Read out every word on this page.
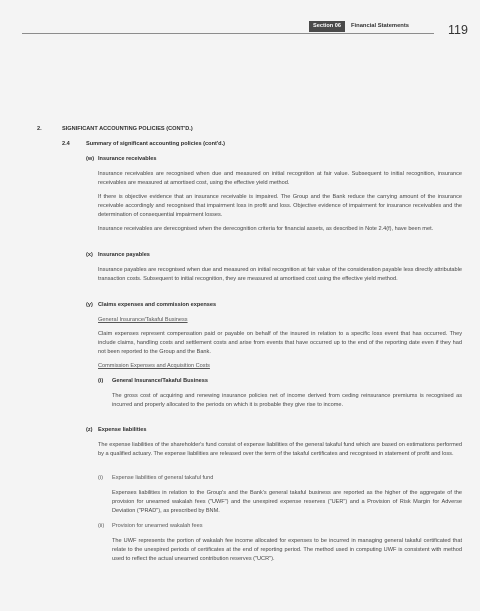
Section 06	Financial Statements	119
2.	SIGNIFICANT ACCOUNTING POLICIES (CONT'D.)
2.4	Summary of significant accounting policies (cont'd.)
(w) Insurance receivables

Insurance receivables are recognised when due and measured on initial recognition at fair value. Subsequent to initial recognition, insurance receivables are measured at amortised cost, using the effective yield method.

If there is objective evidence that an insurance receivable is impaired. The Group and the Bank reduce the carrying amount of the insurance receivable accordingly and recognised that impairment loss in profit and loss. Objective evidence of impairment for insurance receivables and the determination of consequential impairment losses.

Insurance receivables are derecognised when the derecognition criteria for financial assets, as described in Note 2.4(f), have been met.

(x) Insurance payables

Insurance payables are recognised when due and measured on initial recognition at fair value of the consideration payable less directly attributable transaction costs. Subsequent to initial recognition, they are measured at amortised cost using the effective yield method.

(y) Claims expenses and commission expenses
General Insurance/Takaful Business

Claim expenses represent compensation paid or payable on behalf of the insured in relation to a specific loss event that has occurred. They include claims, handling costs and settlement costs and arise from events that have occurred up to the end of the reporting date even if they had not been reported to the Group and the Bank.

Commission Expenses and Acquisition Costs
(i) General Insurance/Takaful Business

The gross cost of acquiring and renewing insurance policies net of income derived from ceding reinsurance premiums is recognised as incurred and properly allocated to the periods on which it is probable they give rise to income.

(z) Expense liabilities

The expense liabilities of the shareholder's fund consist of expense liabilities of the general takaful fund which are based on estimations performed by a qualified actuary. The expense liabilities are released over the term of the takaful certificates and recognised in statement of profit and loss.

(i) Expense liabilities of general takaful fund

Expenses liabilities in relation to the Group's and the Bank's general takaful business are reported as the higher of the aggregate of the provision for unearned wakalah fees ("UWF") and the unexpired expense reserves ("UER") and a Provision of Risk Margin for Adverse Deviation ("PRAD"), as prescribed by BNM.

(ii) Provision for unearned wakalah fees

The UWF represents the portion of wakalah fee income allocated for expenses to be incurred in managing general takaful certificated that relate to the unexpired periods of certificates at the end of reporting period. The method used in computing UWF is consistent with method used to reflect the actual unearned contribution reserves ("UCR").
